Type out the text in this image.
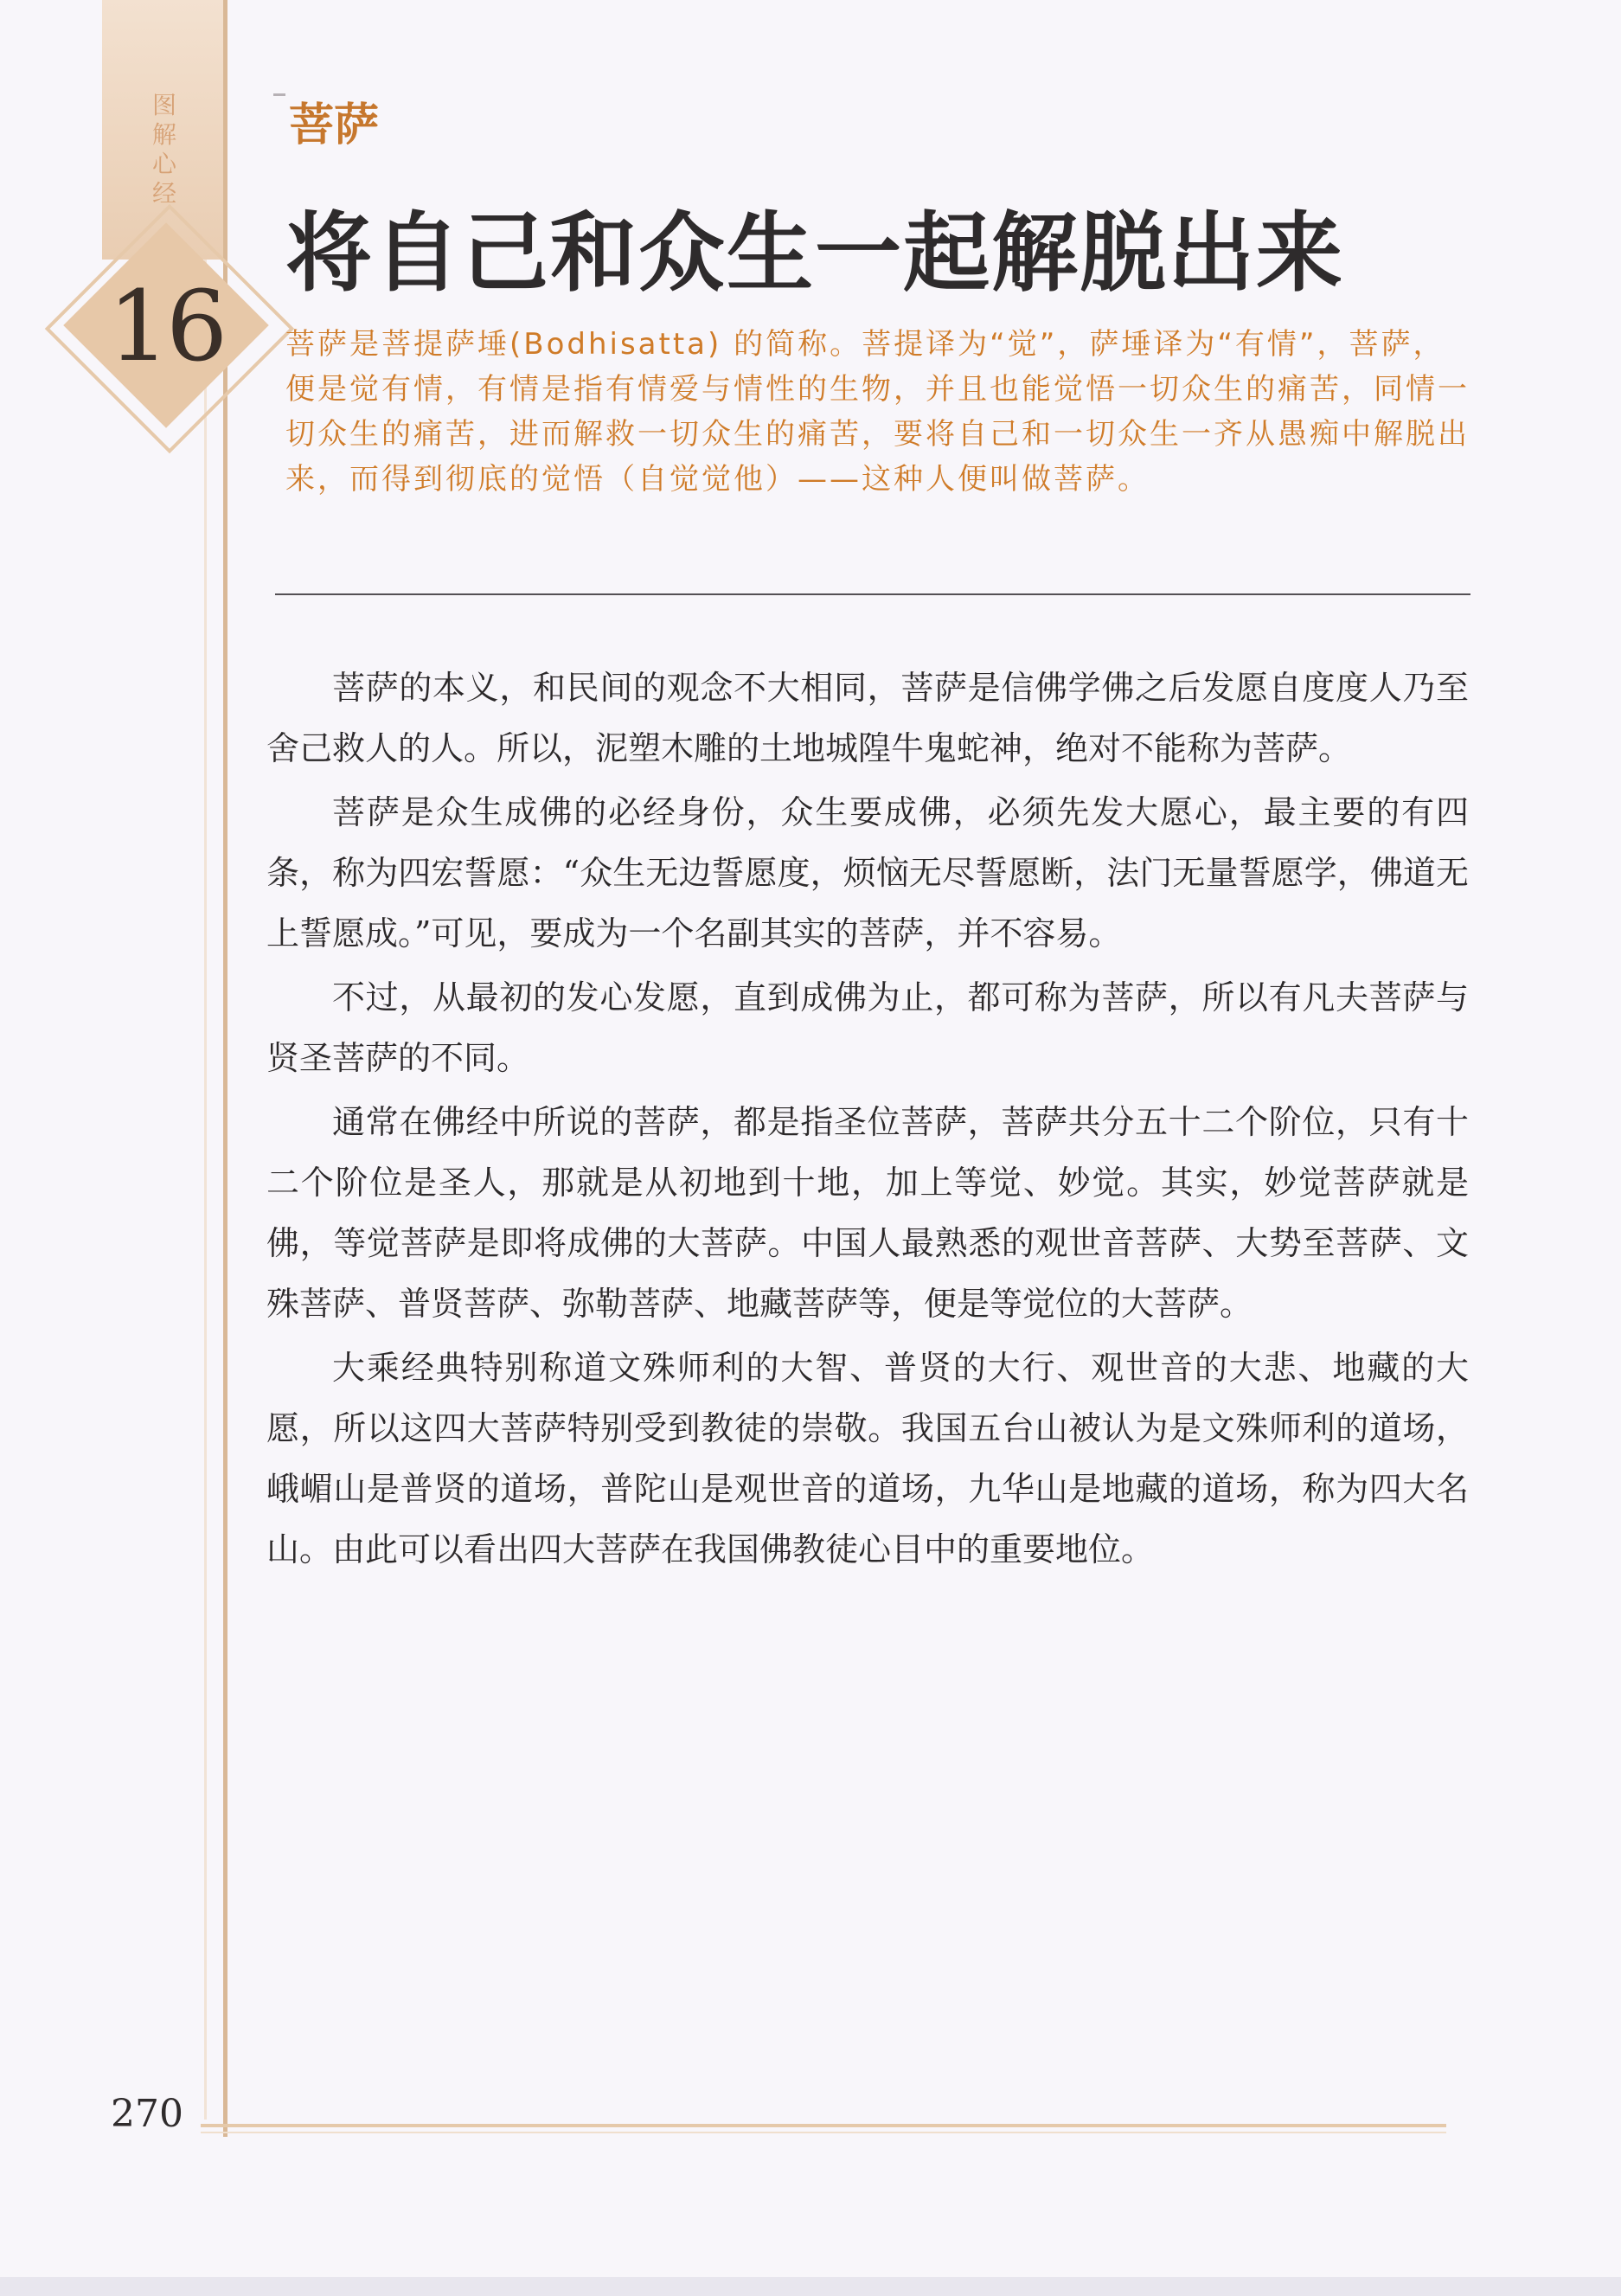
图
解
心
经
16
菩萨
将自己和众生一起解脱出来
菩萨是菩提萨埵(Bodhisatta) 的简称。菩提译为“觉”，萨埵译为“有情”，菩萨，便是觉有情，有情是指有情爱与情性的生物，并且也能觉悟一切众生的痛苦，同情一切众生的痛苦，进而解救一切众生的痛苦，要将自己和一切众生一齐从愚痴中解脱出来，而得到彻底的觉悟（自觉觉他）——这种人便叫做菩萨。

菩萨的本义，和民间的观念不大相同，菩萨是信佛学佛之后发愿自度度人乃至舍己救人的人。所以，泥塑木雕的土地城隍牛鬼蛇神，绝对不能称为菩萨。

菩萨是众生成佛的必经身份，众生要成佛，必须先发大愿心，最主要的有四条，称为四宏誓愿：“众生无边誓愿度，烦恼无尽誓愿断，法门无量誓愿学，佛道无上誓愿成。”可见，要成为一个名副其实的菩萨，并不容易。

不过，从最初的发心发愿，直到成佛为止，都可称为菩萨，所以有凡夫菩萨与贤圣菩萨的不同。

通常在佛经中所说的菩萨，都是指圣位菩萨，菩萨共分五十二个阶位，只有十二个阶位是圣人，那就是从初地到十地，加上等觉、妙觉。其实，妙觉菩萨就是佛，等觉菩萨是即将成佛的大菩萨。中国人最熟悉的观世音菩萨、大势至菩萨、文殊菩萨、普贤菩萨、弥勒菩萨、地藏菩萨等，便是等觉位的大菩萨。

大乘经典特别称道文殊师利的大智、普贤的大行、观世音的大悲、地藏的大愿，所以这四大菩萨特别受到教徒的崇敬。我国五台山被认为是文殊师利的道场，峨嵋山是普贤的道场，普陀山是观世音的道场，九华山是地藏的道场，称为四大名山。由此可以看出四大菩萨在我国佛教徒心目中的重要地位。

270
